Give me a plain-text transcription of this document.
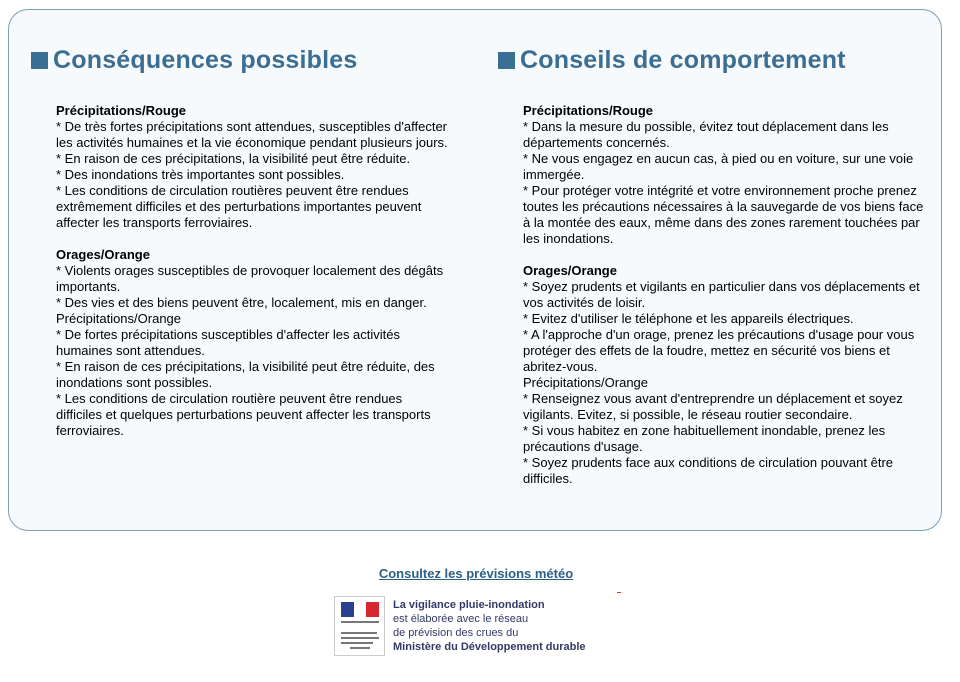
Conséquences possibles
Précipitations/Rouge
* De très fortes précipitations sont attendues, susceptibles d'affecter les activités humaines et la vie économique pendant plusieurs jours.
* En raison de ces précipitations, la visibilité peut être réduite.
* Des inondations très importantes sont possibles.
* Les conditions de circulation routières peuvent être rendues extrêmement difficiles et des perturbations importantes peuvent affecter les transports ferroviaires.
Orages/Orange
* Violents orages susceptibles de provoquer localement des dégâts importants.
* Des vies et des biens peuvent être, localement, mis en danger.
Précipitations/Orange
* De fortes précipitations susceptibles d'affecter les activités humaines sont attendues.
* En raison de ces précipitations, la visibilité peut être réduite, des inondations sont possibles.
* Les conditions de circulation routière peuvent être rendues difficiles et quelques perturbations peuvent affecter les transports ferroviaires.
Conseils de comportement
Précipitations/Rouge
* Dans la mesure du possible, évitez tout déplacement dans les départements concernés.
* Ne vous engagez en aucun cas, à pied ou en voiture, sur une voie immergée.
* Pour protéger votre intégrité et votre environnement proche prenez toutes les précautions nécessaires à la sauvegarde de vos biens face à la montée des eaux, même dans des zones rarement touchées par les inondations.
Orages/Orange
* Soyez prudents et vigilants en particulier dans vos déplacements et vos activités de loisir.
* Evitez d'utiliser le téléphone et les appareils électriques.
* A l'approche d'un orage, prenez les précautions d'usage pour vous protéger des effets de la foudre, mettez en sécurité vos biens et abritez-vous.
Précipitations/Orange
* Renseignez vous avant d'entreprendre un déplacement et soyez vigilants. Evitez, si possible, le réseau routier secondaire.
* Si vous habitez en zone habituellement inondable, prenez les précautions d'usage.
* Soyez prudents face aux conditions de circulation pouvant être difficiles.
Consultez les prévisions météo
La vigilance pluie-inondation
est élaborée avec le réseau
de prévision des crues du
Ministère du Développement durable
